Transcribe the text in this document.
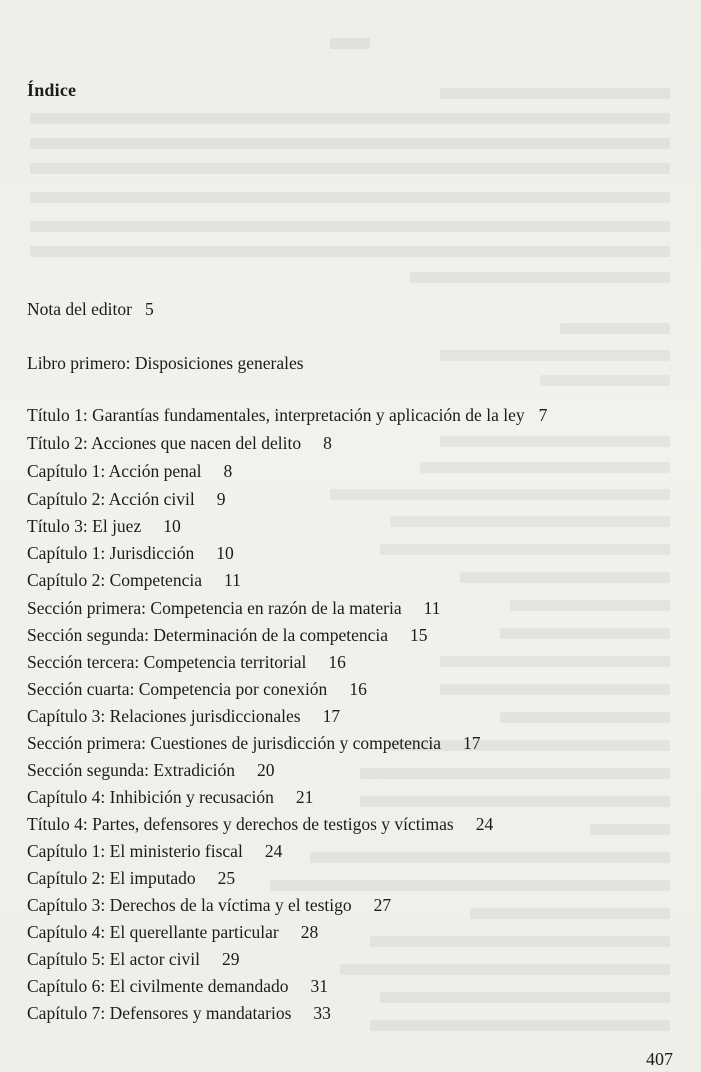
Índice
Nota del editor 5
Libro primero: Disposiciones generales
Título 1: Garantías fundamentales, interpretación y aplicación de la ley 7
Título 2: Acciones que nacen del delito 8
Capítulo 1: Acción penal 8
Capítulo 2: Acción civil 9
Título 3: El juez 10
Capítulo 1: Jurisdicción 10
Capítulo 2: Competencia 11
Sección primera: Competencia en razón de la materia 11
Sección segunda: Determinación de la competencia 15
Sección tercera: Competencia territorial 16
Sección cuarta: Competencia por conexión 16
Capítulo 3: Relaciones jurisdiccionales 17
Sección primera: Cuestiones de jurisdicción y competencia 17
Sección segunda: Extradición 20
Capítulo 4: Inhibición y recusación 21
Título 4: Partes, defensores y derechos de testigos y víctimas 24
Capítulo 1: El ministerio fiscal 24
Capítulo 2: El imputado 25
Capítulo 3: Derechos de la víctima y el testigo 27
Capítulo 4: El querellante particular 28
Capítulo 5: El actor civil 29
Capítulo 6: El civilmente demandado 31
Capítulo 7: Defensores y mandatarios 33
407
